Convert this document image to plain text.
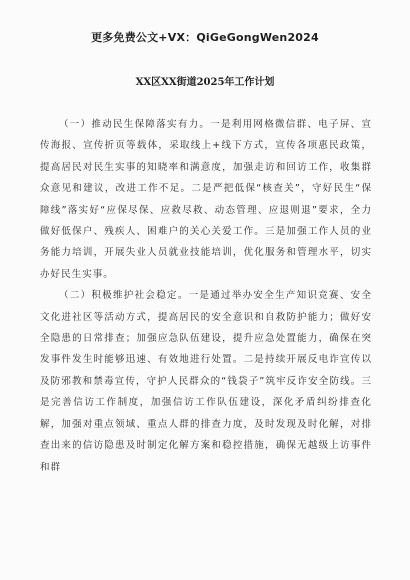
更多免费公文+VX：QiGeGongWen2024
XX区XX街道2025年工作计划

（一）推动民生保障落实有力。一是利用网格微信群、电子屏、宣传海报、宣传折页等载体，采取线上+线下方式，宣传各项惠民政策，提高居民对民生实事的知晓率和满意度，加强走访和回访工作，收集群众意见和建议，改进工作不足。二是严把低保“核查关”，守好民生“保障线”落实好“应保尽保、应救尽救、动态管理、应退则退”要求，全力做好低保户、残疾人、困难户的关心关爱工作。三是加强工作人员的业务能力培训，开展失业人员就业技能培训，优化服务和管理水平，切实办好民生实事。

（二）积极维护社会稳定。一是通过举办安全生产知识竞赛、安全文化进社区等活动方式，提高居民的安全意识和自救防护能力；做好安全隐患的日常排查；加强应急队伍建设，提升应急处置能力，确保在突发事件发生时能够迅速、有效地进行处置。二是持续开展反电诈宣传以及防邪教和禁毒宣传，守护人民群众的“钱袋子”筑牢反诈安全防线。三是完善信访工作制度，加强信访工作队伍建设，深化矛盾纠纷排查化解，加强对重点领域、重点人群的排查力度，及时发现及时化解，对排查出来的信访隐患及时制定化解方案和稳控措施，确保无越级上访事件和群
